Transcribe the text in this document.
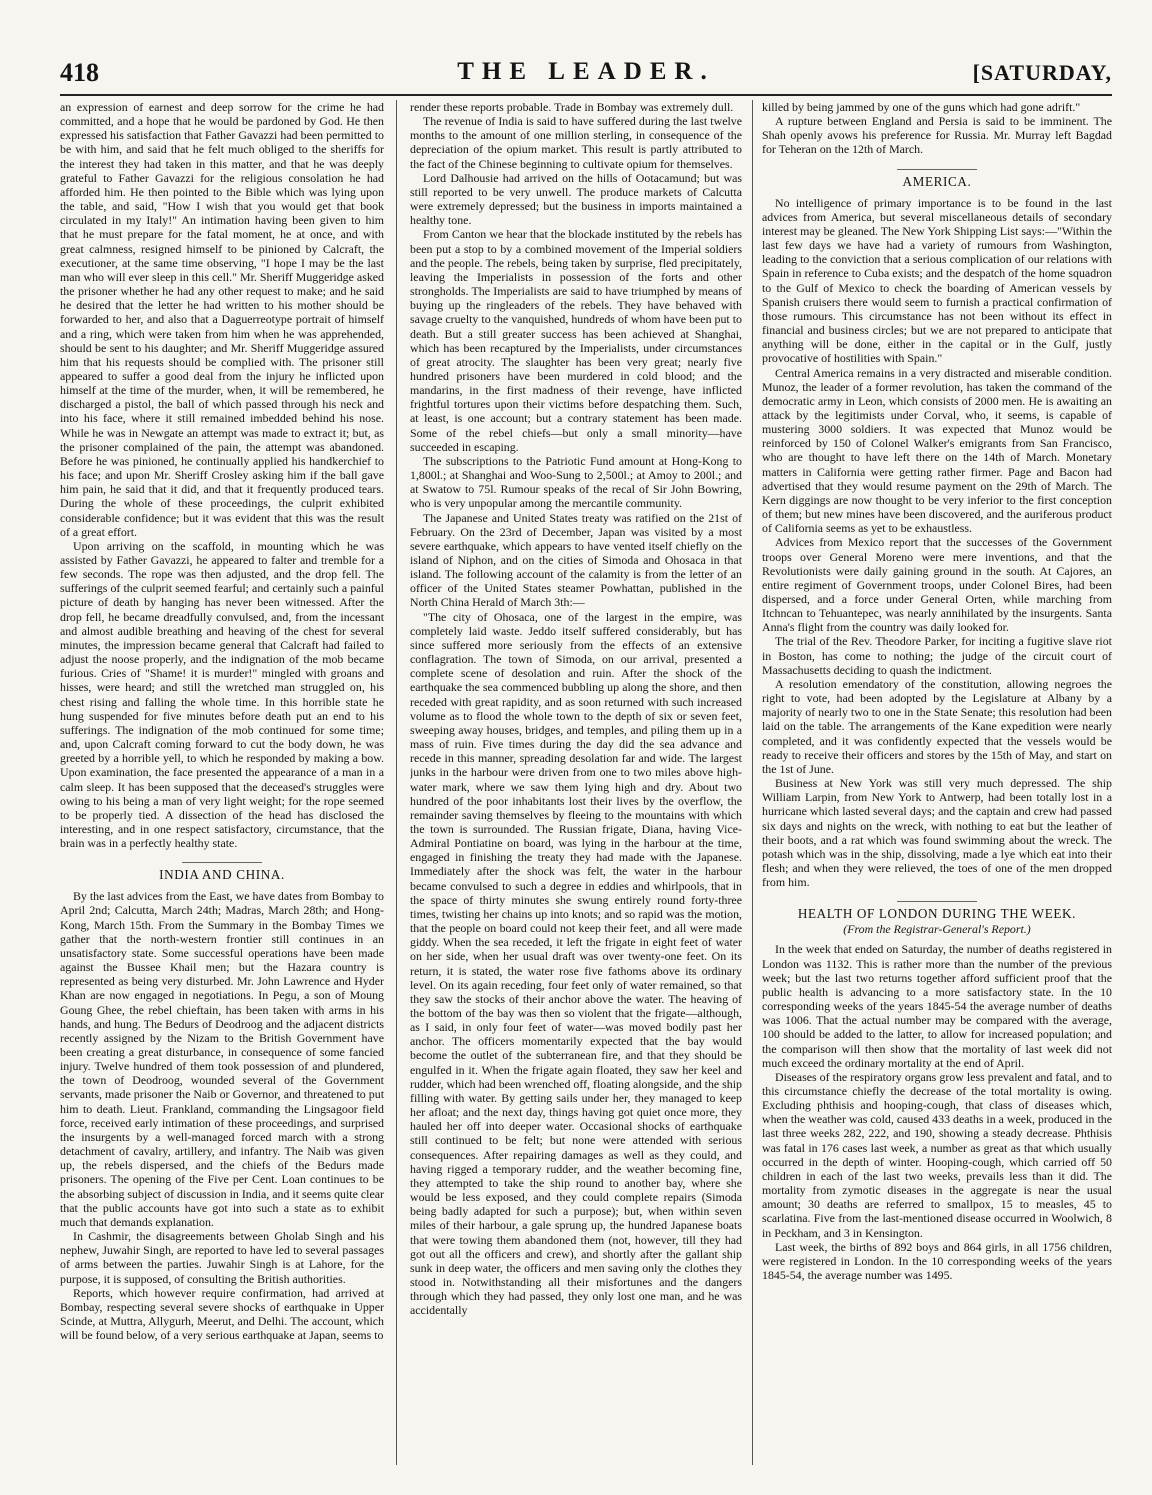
418	THE LEADER.	[SATURDAY,

an expression of earnest and deep sorrow for the crime he had committed, and a hope that he would be pardoned by God. He then expressed his satisfaction that Father Gavazzi had been permitted to be with him, and said that he felt much obliged to the sheriffs for the interest they had taken in this matter, and that he was deeply grateful to Father Gavazzi for the religious consolation he had afforded him. He then pointed to the Bible which was lying upon the table, and said, "How I wish that you would get that book circulated in my Italy!" An intimation having been given to him that he must prepare for the fatal moment, he at once, and with great calmness, resigned himself to be pinioned by Calcraft, the executioner, at the same time observing, "I hope I may be the last man who will ever sleep in this cell." Mr. Sheriff Muggeridge asked the prisoner whether he had any other request to make; and he said he desired that the letter he had written to his mother should be forwarded to her, and also that a Daguerreotype portrait of himself and a ring, which were taken from him when he was apprehended, should be sent to his daughter; and Mr. Sheriff Muggeridge assured him that his requests should be complied with. The prisoner still appeared to suffer a good deal from the injury he inflicted upon himself at the time of the murder, when, it will be remembered, he discharged a pistol, the ball of which passed through his neck and into his face, where it still remained imbedded behind his nose. While he was in Newgate an attempt was made to extract it; but, as the prisoner complained of the pain, the attempt was abandoned. Before he was pinioned, he continually applied his handkerchief to his face; and upon Mr. Sheriff Crosley asking him if the ball gave him pain, he said that it did, and that it frequently produced tears. During the whole of these proceedings, the culprit exhibited considerable confidence; but it was evident that this was the result of a great effort.

Upon arriving on the scaffold, in mounting which he was assisted by Father Gavazzi, he appeared to falter and tremble for a few seconds. The rope was then adjusted, and the drop fell. The sufferings of the culprit seemed fearful; and certainly such a painful picture of death by hanging has never been witnessed. After the drop fell, he became dreadfully convulsed, and, from the incessant and almost audible breathing and heaving of the chest for several minutes, the impression became general that Calcraft had failed to adjust the noose properly, and the indignation of the mob became furious. Cries of "Shame! it is murder!" mingled with groans and hisses, were heard; and still the wretched man struggled on, his chest rising and falling the whole time. In this horrible state he hung suspended for five minutes before death put an end to his sufferings. The indignation of the mob continued for some time; and, upon Calcraft coming forward to cut the body down, he was greeted by a horrible yell, to which he responded by making a bow. Upon examination, the face presented the appearance of a man in a calm sleep. It has been supposed that the deceased's struggles were owing to his being a man of very light weight; for the rope seemed to be properly tied. A dissection of the head has disclosed the interesting, and in one respect satisfactory, circumstance, that the brain was in a perfectly healthy state.

INDIA AND CHINA.

By the last advices from the East, we have dates from Bombay to April 2nd; Calcutta, March 24th; Madras, March 28th; and Hong-Kong, March 15th. From the Summary in the Bombay Times we gather that the north-western frontier still continues in an unsatisfactory state. Some successful operations have been made against the Bussee Khail men; but the Hazara country is represented as being very disturbed. Mr. John Lawrence and Hyder Khan are now engaged in negotiations. In Pegu, a son of Moung Goung Ghee, the rebel chieftain, has been taken with arms in his hands, and hung. The Bedurs of Deodroog and the adjacent districts recently assigned by the Nizam to the British Government have been creating a great disturbance, in consequence of some fancied injury. Twelve hundred of them took possession of and plundered, the town of Deodroog, wounded several of the Government servants, made prisoner the Naib or Governor, and threatened to put him to death. Lieut. Frankland, commanding the Lingsagoor field force, received early intimation of these proceedings, and surprised the insurgents by a well-managed forced march with a strong detachment of cavalry, artillery, and infantry. The Naib was given up, the rebels dispersed, and the chiefs of the Bedurs made prisoners. The opening of the Five per Cent. Loan continues to be the absorbing subject of discussion in India, and it seems quite clear that the public accounts have got into such a state as to exhibit much that demands explanation.

In Cashmir, the disagreements between Gholab Singh and his nephew, Juwahir Singh, are reported to have led to several passages of arms between the parties. Juwahir Singh is at Lahore, for the purpose, it is supposed, of consulting the British authorities.

Reports, which however require confirmation, had arrived at Bombay, respecting several severe shocks of earthquake in Upper Scinde, at Muttra, Allygurh, Meerut, and Delhi. The account, which will be found below, of a very serious earthquake at Japan, seems to

render these reports probable. Trade in Bombay was extremely dull.

The revenue of India is said to have suffered during the last twelve months to the amount of one million sterling, in consequence of the depreciation of the opium market. This result is partly attributed to the fact of the Chinese beginning to cultivate opium for themselves.

Lord Dalhousie had arrived on the hills of Ootacamund; but was still reported to be very unwell. The produce markets of Calcutta were extremely depressed; but the business in imports maintained a healthy tone.

From Canton we hear that the blockade instituted by the rebels has been put a stop to by a combined movement of the Imperial soldiers and the people. The rebels, being taken by surprise, fled precipitately, leaving the Imperialists in possession of the forts and other strongholds. The Imperialists are said to have triumphed by means of buying up the ringleaders of the rebels. They have behaved with savage cruelty to the vanquished, hundreds of whom have been put to death. But a still greater success has been achieved at Shanghai, which has been recaptured by the Imperialists, under circumstances of great atrocity. The slaughter has been very great; nearly five hundred prisoners have been murdered in cold blood; and the mandarins, in the first madness of their revenge, have inflicted frightful tortures upon their victims before despatching them. Such, at least, is one account; but a contrary statement has been made. Some of the rebel chiefs—but only a small minority—have succeeded in escaping.

The subscriptions to the Patriotic Fund amount at Hong-Kong to 1,800l.; at Shanghai and Woo-Sung to 2,500l.; at Amoy to 200l.; and at Swatow to 75l. Rumour speaks of the recal of Sir John Bowring, who is very unpopular among the mercantile community.

The Japanese and United States treaty was ratified on the 21st of February. On the 23rd of December, Japan was visited by a most severe earthquake, which appears to have vented itself chiefly on the island of Niphon, and on the cities of Simoda and Ohosaca in that island. The following account of the calamity is from the letter of an officer of the United States steamer Powhattan, published in the North China Herald of March 3th:—

"The city of Ohosaca, one of the largest in the empire, was completely laid waste. Jeddo itself suffered considerably, but has since suffered more seriously from the effects of an extensive conflagration. The town of Simoda, on our arrival, presented a complete scene of desolation and ruin. After the shock of the earthquake the sea commenced bubbling up along the shore, and then receded with great rapidity, and as soon returned with such increased volume as to flood the whole town to the depth of six or seven feet, sweeping away houses, bridges, and temples, and piling them up in a mass of ruin. Five times during the day did the sea advance and recede in this manner, spreading desolation far and wide. The largest junks in the harbour were driven from one to two miles above high-water mark, where we saw them lying high and dry. About two hundred of the poor inhabitants lost their lives by the overflow, the remainder saving themselves by fleeing to the mountains with which the town is surrounded. The Russian frigate, Diana, having Vice-Admiral Pontiatine on board, was lying in the harbour at the time, engaged in finishing the treaty they had made with the Japanese. Immediately after the shock was felt, the water in the harbour became convulsed to such a degree in eddies and whirlpools, that in the space of thirty minutes she swung entirely round forty-three times, twisting her chains up into knots; and so rapid was the motion, that the people on board could not keep their feet, and all were made giddy. When the sea receded, it left the frigate in eight feet of water on her side, when her usual draft was over twenty-one feet. On its return, it is stated, the water rose five fathoms above its ordinary level. On its again receding, four feet only of water remained, so that they saw the stocks of their anchor above the water. The heaving of the bottom of the bay was then so violent that the frigate—although, as I said, in only four feet of water—was moved bodily past her anchor. The officers momentarily expected that the bay would become the outlet of the subterranean fire, and that they should be engulfed in it. When the frigate again floated, they saw her keel and rudder, which had been wrenched off, floating alongside, and the ship filling with water. By getting sails under her, they managed to keep her afloat; and the next day, things having got quiet once more, they hauled her off into deeper water. Occasional shocks of earthquake still continued to be felt; but none were attended with serious consequences. After repairing damages as well as they could, and having rigged a temporary rudder, and the weather becoming fine, they attempted to take the ship round to another bay, where she would be less exposed, and they could complete repairs (Simoda being badly adapted for such a purpose); but, when within seven miles of their harbour, a gale sprung up, the hundred Japanese boats that were towing them abandoned them (not, however, till they had got out all the officers and crew), and shortly after the gallant ship sunk in deep water, the officers and men saving only the clothes they stood in. Notwithstanding all their misfortunes and the dangers through which they had passed, they only lost one man, and he was accidentally

killed by being jammed by one of the guns which had gone adrift."

A rupture between England and Persia is said to be imminent. The Shah openly avows his preference for Russia. Mr. Murray left Bagdad for Teheran on the 12th of March.

AMERICA.

No intelligence of primary importance is to be found in the last advices from America, but several miscellaneous details of secondary interest may be gleaned. The New York Shipping List says:—"Within the last few days we have had a variety of rumours from Washington, leading to the conviction that a serious complication of our relations with Spain in reference to Cuba exists; and the despatch of the home squadron to the Gulf of Mexico to check the boarding of American vessels by Spanish cruisers there would seem to furnish a practical confirmation of those rumours. This circumstance has not been without its effect in financial and business circles; but we are not prepared to anticipate that anything will be done, either in the capital or in the Gulf, justly provocative of hostilities with Spain."

Central America remains in a very distracted and miserable condition. Munoz, the leader of a former revolution, has taken the command of the democratic army in Leon, which consists of 2000 men. He is awaiting an attack by the legitimists under Corval, who, it seems, is capable of mustering 3000 soldiers. It was expected that Munoz would be reinforced by 150 of Colonel Walker's emigrants from San Francisco, who are thought to have left there on the 14th of March. Monetary matters in California were getting rather firmer. Page and Bacon had advertised that they would resume payment on the 29th of March. The Kern diggings are now thought to be very inferior to the first conception of them; but new mines have been discovered, and the auriferous product of California seems as yet to be exhaustless.

Advices from Mexico report that the successes of the Government troops over General Moreno were mere inventions, and that the Revolutionists were daily gaining ground in the south. At Cajores, an entire regiment of Government troops, under Colonel Bires, had been dispersed, and a force under General Orten, while marching from Itchncan to Tehuantepec, was nearly annihilated by the insurgents. Santa Anna's flight from the country was daily looked for.

The trial of the Rev. Theodore Parker, for inciting a fugitive slave riot in Boston, has come to nothing; the judge of the circuit court of Massachusetts deciding to quash the indictment.

A resolution emendatory of the constitution, allowing negroes the right to vote, had been adopted by the Legislature at Albany by a majority of nearly two to one in the State Senate; this resolution had been laid on the table. The arrangements of the Kane expedition were nearly completed, and it was confidently expected that the vessels would be ready to receive their officers and stores by the 15th of May, and start on the 1st of June.

Business at New York was still very much depressed. The ship William Larpin, from New York to Antwerp, had been totally lost in a hurricane which lasted several days; and the captain and crew had passed six days and nights on the wreck, with nothing to eat but the leather of their boots, and a rat which was found swimming about the wreck. The potash which was in the ship, dissolving, made a lye which eat into their flesh; and when they were relieved, the toes of one of the men dropped from him.

HEALTH OF LONDON DURING THE WEEK.
(From the Registrar-General's Report.)

In the week that ended on Saturday, the number of deaths registered in London was 1132. This is rather more than the number of the previous week; but the last two returns together afford sufficient proof that the public health is advancing to a more satisfactory state. In the 10 corresponding weeks of the years 1845-54 the average number of deaths was 1006. That the actual number may be compared with the average, 100 should be added to the latter, to allow for increased population; and the comparison will then show that the mortality of last week did not much exceed the ordinary mortality at the end of April.

Diseases of the respiratory organs grow less prevalent and fatal, and to this circumstance chiefly the decrease of the total mortality is owing. Excluding phthisis and hooping-cough, that class of diseases which, when the weather was cold, caused 433 deaths in a week, produced in the last three weeks 282, 222, and 190, showing a steady decrease. Phthisis was fatal in 176 cases last week, a number as great as that which usually occurred in the depth of winter. Hooping-cough, which carried off 50 children in each of the last two weeks, prevails less than it did. The mortality from zymotic diseases in the aggregate is near the usual amount; 30 deaths are referred to smallpox, 15 to measles, 45 to scarlatina. Five from the last-mentioned disease occurred in Woolwich, 8 in Peckham, and 3 in Kensington.

Last week, the births of 892 boys and 864 girls, in all 1756 children, were registered in London. In the 10 corresponding weeks of the years 1845-54, the average number was 1495.
